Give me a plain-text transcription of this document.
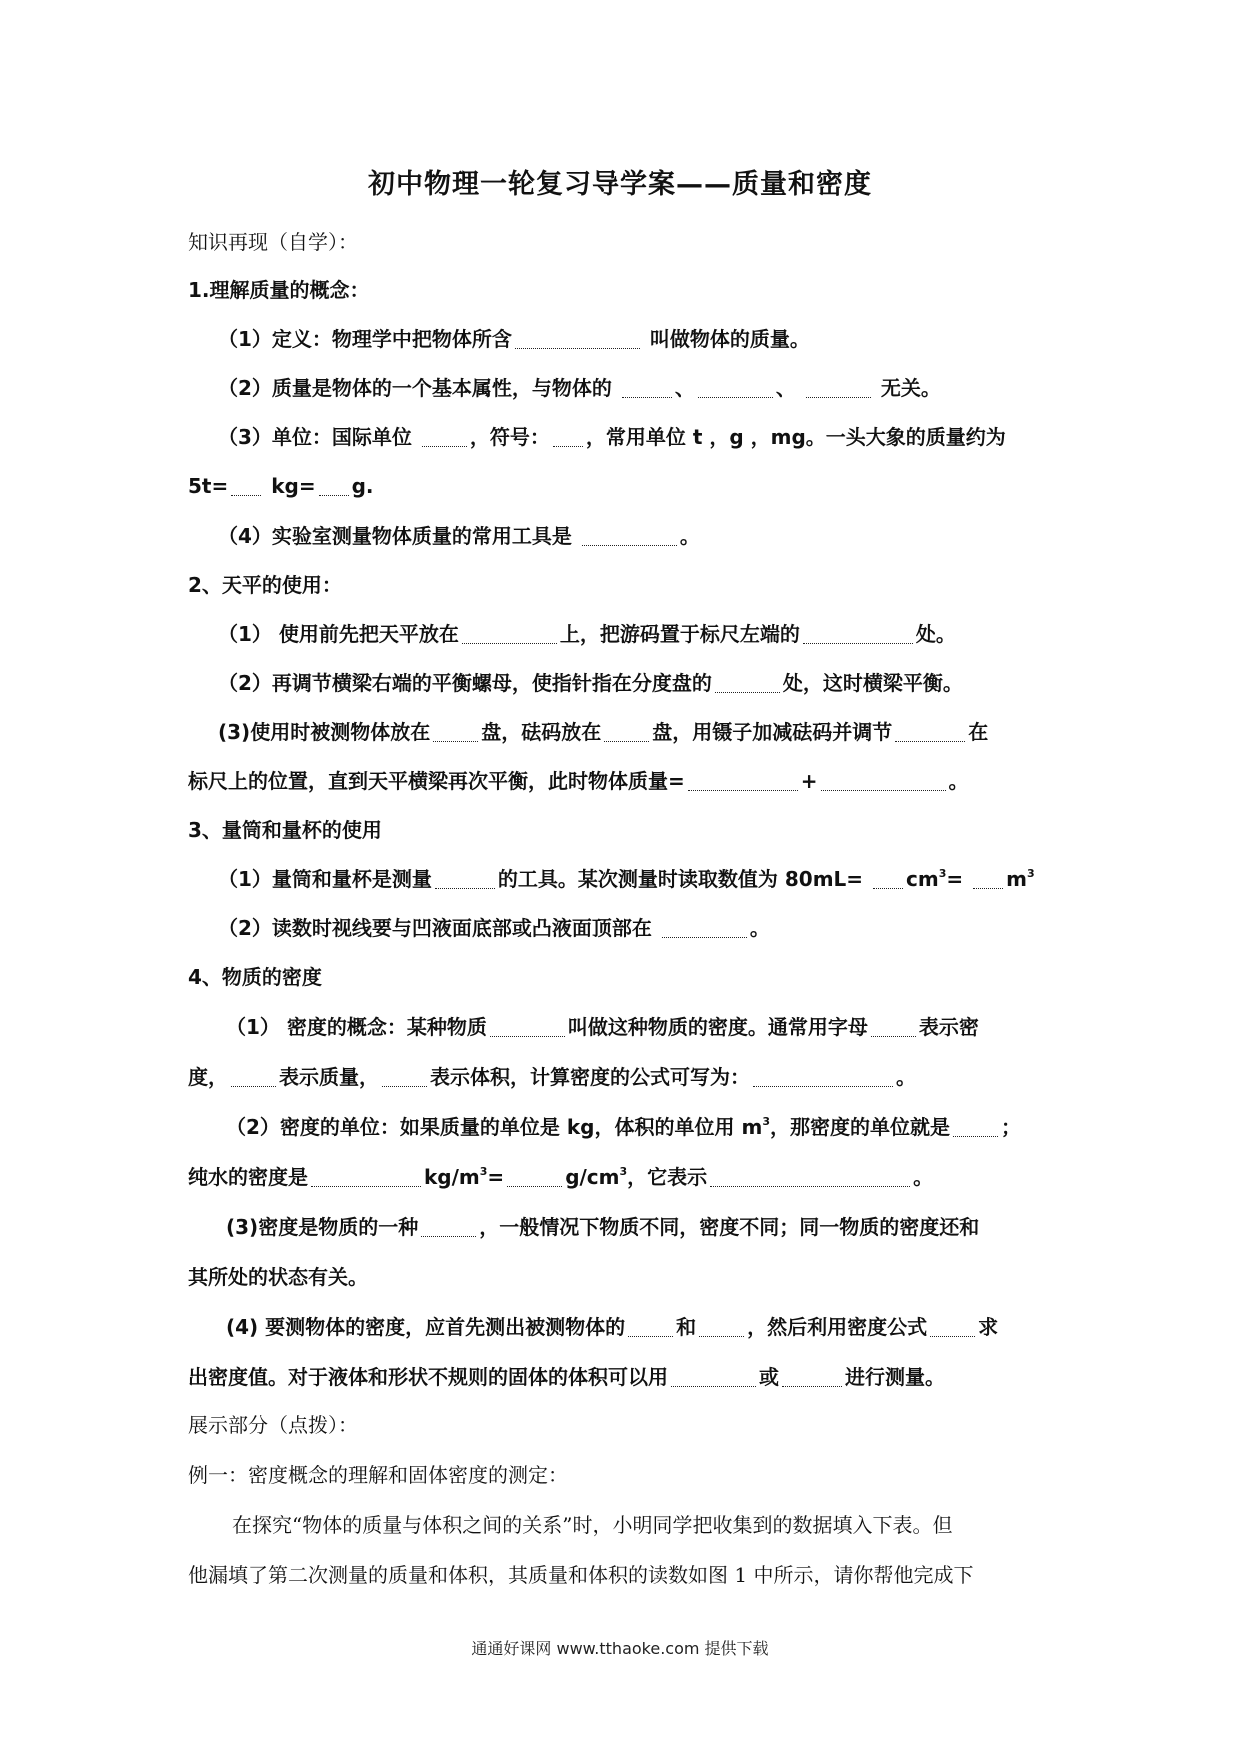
初中物理一轮复习导学案——质量和密度
知识再现（自学）：
1.理解质量的概念：
（1）定义：物理学中把物体所含	叫做物体的质量。
（2）质量是物体的一个基本属性，与物体的	、	、	无关。
（3）单位：国际单位	，符号： ，常用单位 t ，g ，mg。一头大象的质量约为
5t= kg= g.
（4）实验室测量物体质量的常用工具是	。
2、天平的使用：
（1） 使用前先把天平放在	上，把游码置于标尺左端的	处。
（2）再调节横梁右端的平衡螺母，使指针指在分度盘的	处，这时横梁平衡。
(3)使用时被测物体放在	盘，砝码放在	盘，用镊子加减砝码并调节	在
标尺上的位置，直到天平横梁再次平衡，此时物体质量=	+	。
3、量筒和量杯的使用
（1）量筒和量杯是测量	的工具。某次测量时读取数值为 $80mL= cm^3= m^3$
（2）读数时视线要与凹液面底部或凸液面顶部在	。
4、物质的密度
（1） 密度的概念：某种物质	叫做这种物质的密度。通常用字母	表示密
度，	表示质量，	表示体积，计算密度的公式可写为：	。
（2）密度的单位：如果质量的单位是 kg，体积的单位用 $m^3$，那密度的单位就是	；
纯水的密度是	$kg/m^3=$	$g/cm^3$，它表示	。
(3)密度是物质的一种	，一般情况下物质不同，密度不同；同一物质的密度还和
其所处的状态有关。
(4) 要测物体的密度，应首先测出被测物体的	和	，然后利用密度公式	求
出密度值。对于液体和形状不规则的固体的体积可以用	或	进行测量。
展示部分（点拨）：
例一：密度概念的理解和固体密度的测定：
在探究“物体的质量与体积之间的关系”时，小明同学把收集到的数据填入下表。但
他漏填了第二次测量的质量和体积，其质量和体积的读数如图 1 中所示，请你帮他完成下
通通好课网 www.tthaoke.com 提供下载
